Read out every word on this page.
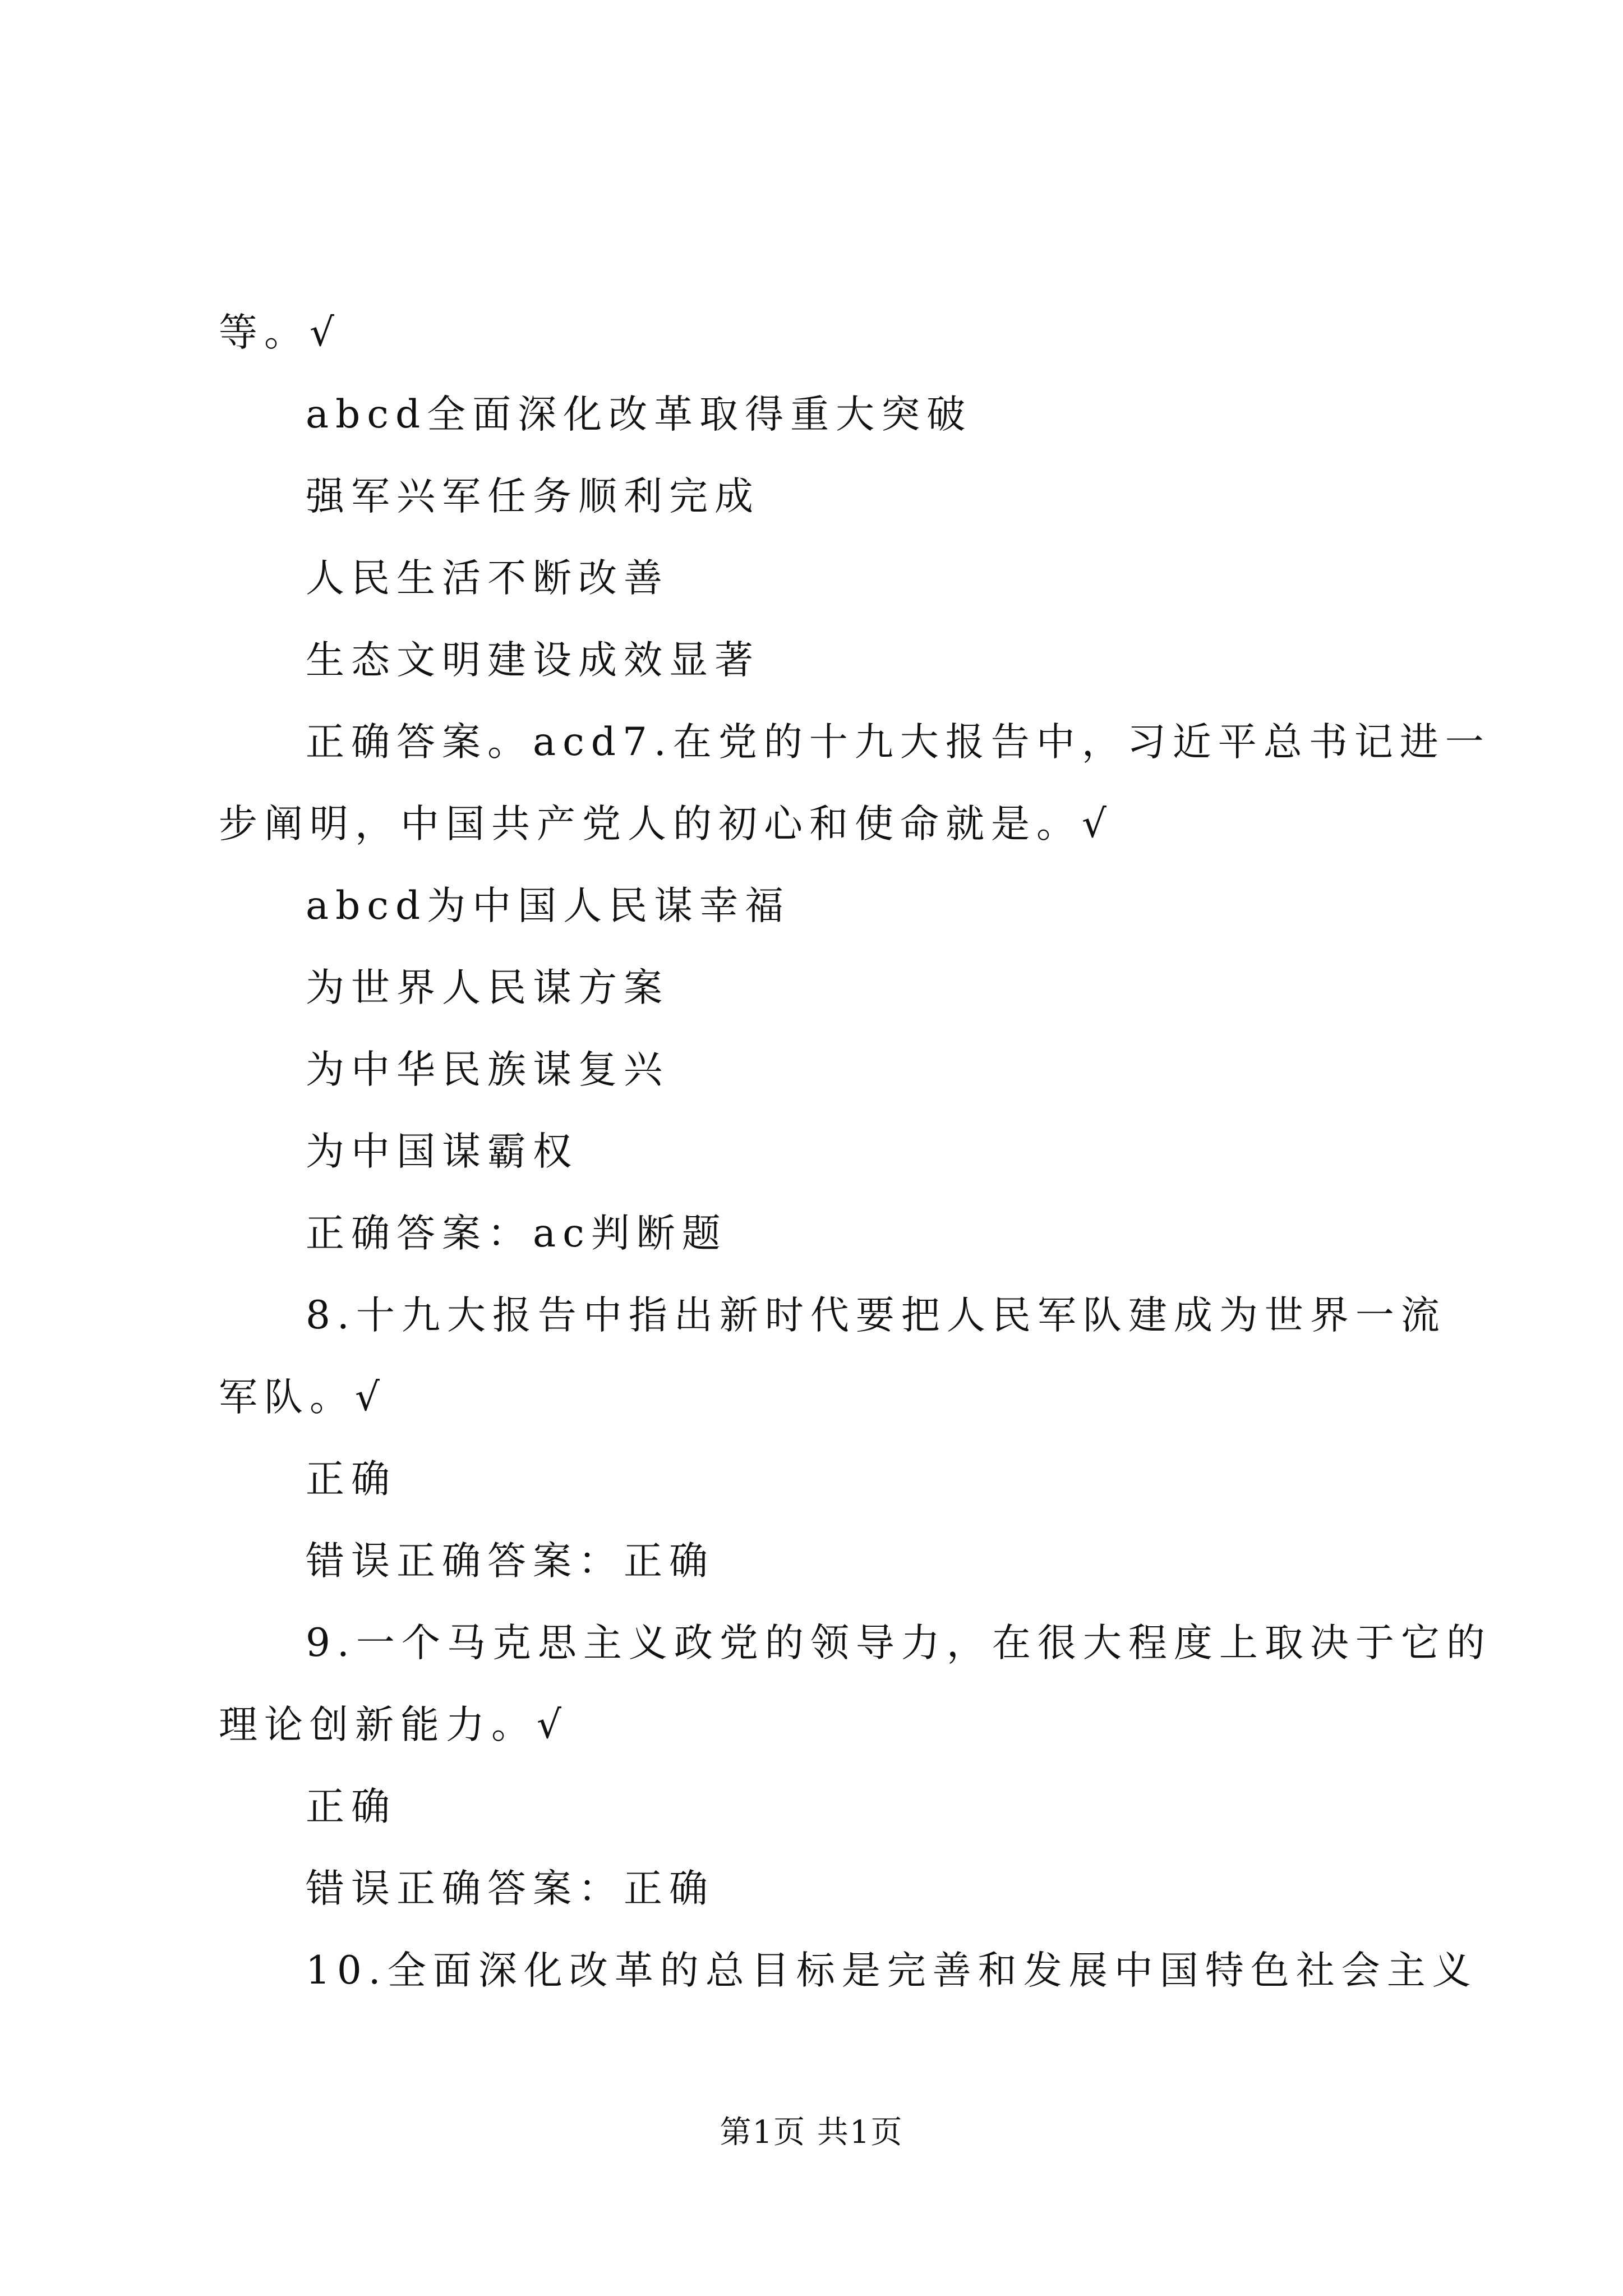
等。√

abcd全面深化改革取得重大突破

强军兴军任务顺利完成

人民生活不断改善

生态文明建设成效显著

正确答案。acd7.在党的十九大报告中，习近平总书记进一

步阐明，中国共产党人的初心和使命就是。√

abcd为中国人民谋幸福

为世界人民谋方案

为中华民族谋复兴

为中国谋霸权

正确答案：ac判断题

8.十九大报告中指出新时代要把人民军队建成为世界一流

军队。√

正确

错误正确答案：正确

9.一个马克思主义政党的领导力，在很大程度上取决于它的

理论创新能力。√

正确

错误正确答案：正确

10.全面深化改革的总目标是完善和发展中国特色社会主义

第1页 共1页
